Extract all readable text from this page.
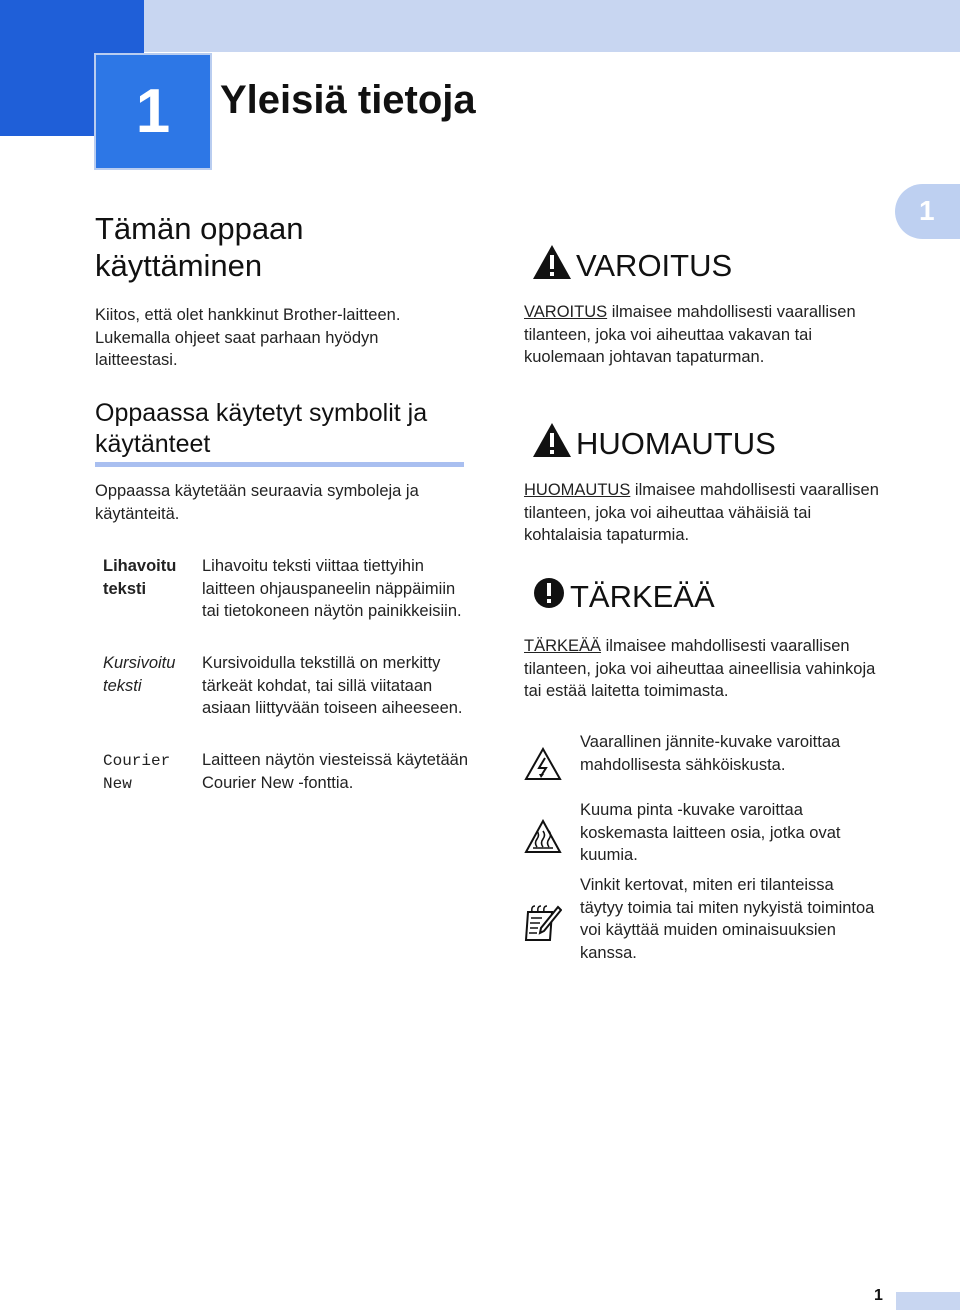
1	Yleisiä tietoja
1
Tämän oppaan käyttäminen
Kiitos, että olet hankkinut Brother-laitteen. Lukemalla ohjeet saat parhaan hyödyn laitteestasi.
Oppaassa käytetyt symbolit ja käytänteet
Oppaassa käytetään seuraavia symboleja ja käytänteitä.
Lihavoitu teksti
Lihavoitu teksti viittaa tiettyihin laitteen ohjauspaneelin näppäimiin tai tietokoneen näytön painikkeisiin.
Kursivoitu teksti
Kursivoidulla tekstillä on merkitty tärkeät kohdat, tai sillä viitataan asiaan liittyvään toiseen aiheeseen.
Courier New
Laitteen näytön viesteissä käytetään Courier New -fonttia.
VAROITUS
VAROITUS ilmaisee mahdollisesti vaarallisen tilanteen, joka voi aiheuttaa vakavan tai kuolemaan johtavan tapaturman.
HUOMAUTUS
HUOMAUTUS ilmaisee mahdollisesti vaarallisen tilanteen, joka voi aiheuttaa vähäisiä tai kohtalaisia tapaturmia.
TÄRKEÄÄ
TÄRKEÄÄ ilmaisee mahdollisesti vaarallisen tilanteen, joka voi aiheuttaa aineellisia vahinkoja tai estää laitetta toimimasta.
Vaarallinen jännite-kuvake varoittaa mahdollisesta sähköiskusta.
Kuuma pinta -kuvake varoittaa koskemasta laitteen osia, jotka ovat kuumia.
Vinkit kertovat, miten eri tilanteissa täytyy toimia tai miten nykyistä toimintoa voi käyttää muiden ominaisuuksien kanssa.
1
